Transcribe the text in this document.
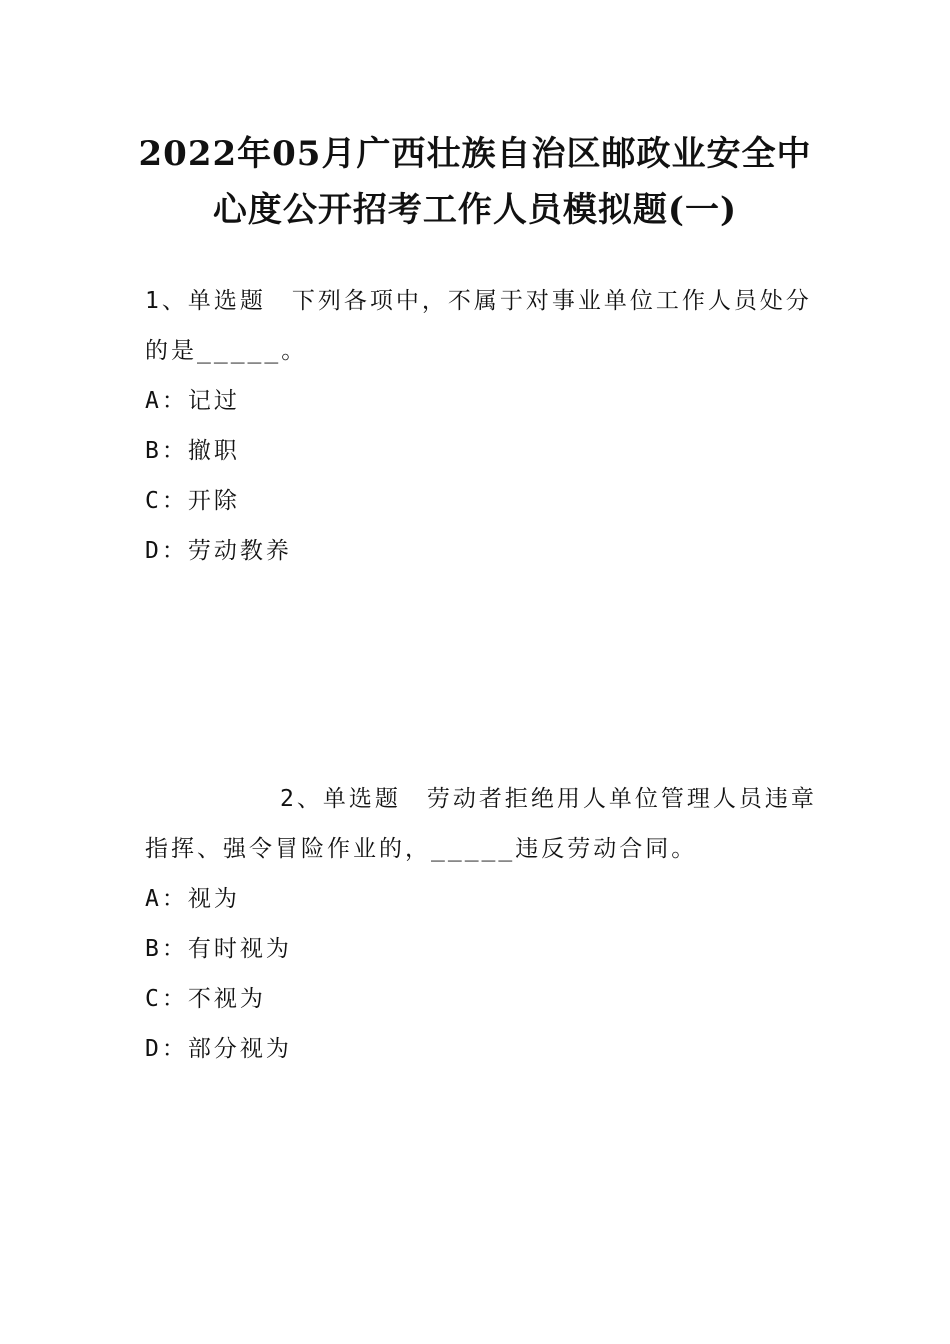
2022年05月广西壮族自治区邮政业安全中
心度公开招考工作人员模拟题(一)
1、单选题 下列各项中，不属于对事业单位工作人员处分
的是_____。
A：记过
B：撤职
C：开除
D：劳动教养
2、单选题 劳动者拒绝用人单位管理人员违章
指挥、强令冒险作业的，_____违反劳动合同。
A：视为
B：有时视为
C：不视为
D：部分视为
